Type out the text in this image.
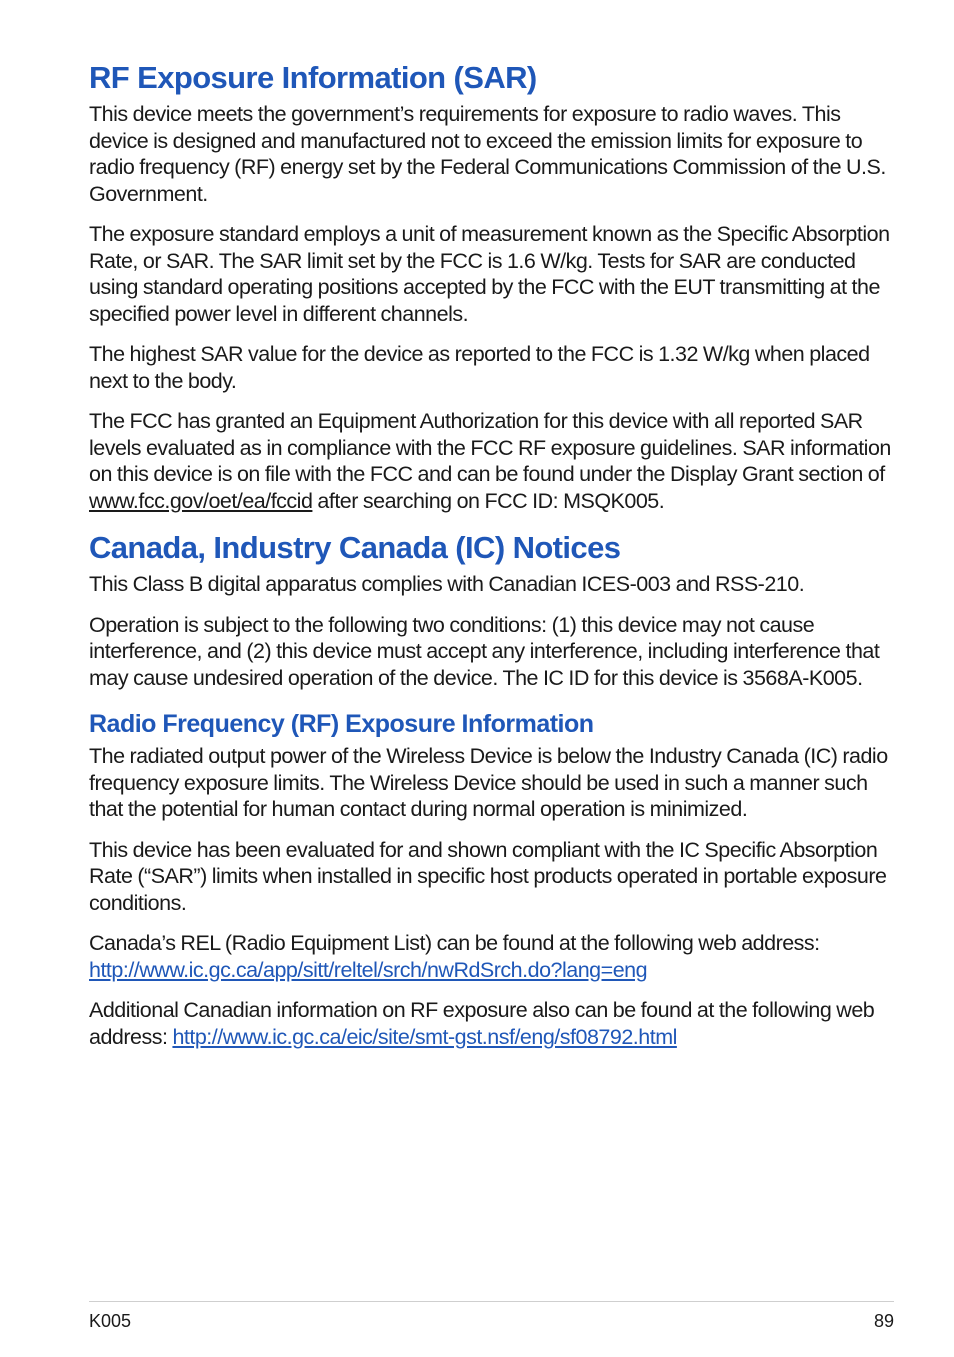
RF Exposure Information (SAR)

This device meets the government’s requirements for exposure to radio waves. This device is designed and manufactured not to exceed the emission limits for exposure to radio frequency (RF) energy set by the Federal Communications Commission of the U.S. Government.

The exposure standard employs a unit of measurement known as the Specific Absorption Rate, or SAR. The SAR limit set by the FCC is 1.6 W/kg. Tests for SAR are conducted using standard operating positions accepted by the FCC with the EUT transmitting at the specified power level in different channels.

The highest SAR value for the device as reported to the FCC is 1.32 W/kg when placed next to the body.

The FCC has granted an Equipment Authorization for this device with all reported SAR levels evaluated as in compliance with the FCC RF exposure guidelines. SAR information on this device is on file with the FCC and can be found under the Display Grant section of www.fcc.gov/oet/ea/fccid after searching on FCC ID: MSQK005.

Canada, Industry Canada (IC) Notices

This Class B digital apparatus complies with Canadian ICES-003 and RSS-210.

Operation is subject to the following two conditions: (1) this device may not cause interference, and (2) this device must accept any interference, including interference that may cause undesired operation of the device. The IC ID for this device is 3568A-K005.

Radio Frequency (RF) Exposure Information

The radiated output power of the Wireless Device is below the Industry Canada (IC) radio frequency exposure limits. The Wireless Device should be used in such a manner such that the potential for human contact during normal operation is minimized.

This device has been evaluated for and shown compliant with the IC Specific Absorption Rate (“SAR”) limits when installed in specific host products operated in portable exposure conditions.

Canada’s REL (Radio Equipment List) can be found at the following web address: http://www.ic.gc.ca/app/sitt/reltel/srch/nwRdSrch.do?lang=eng

Additional Canadian information on RF exposure also can be found at the following web address: http://www.ic.gc.ca/eic/site/smt-gst.nsf/eng/sf08792.html

K005	89
